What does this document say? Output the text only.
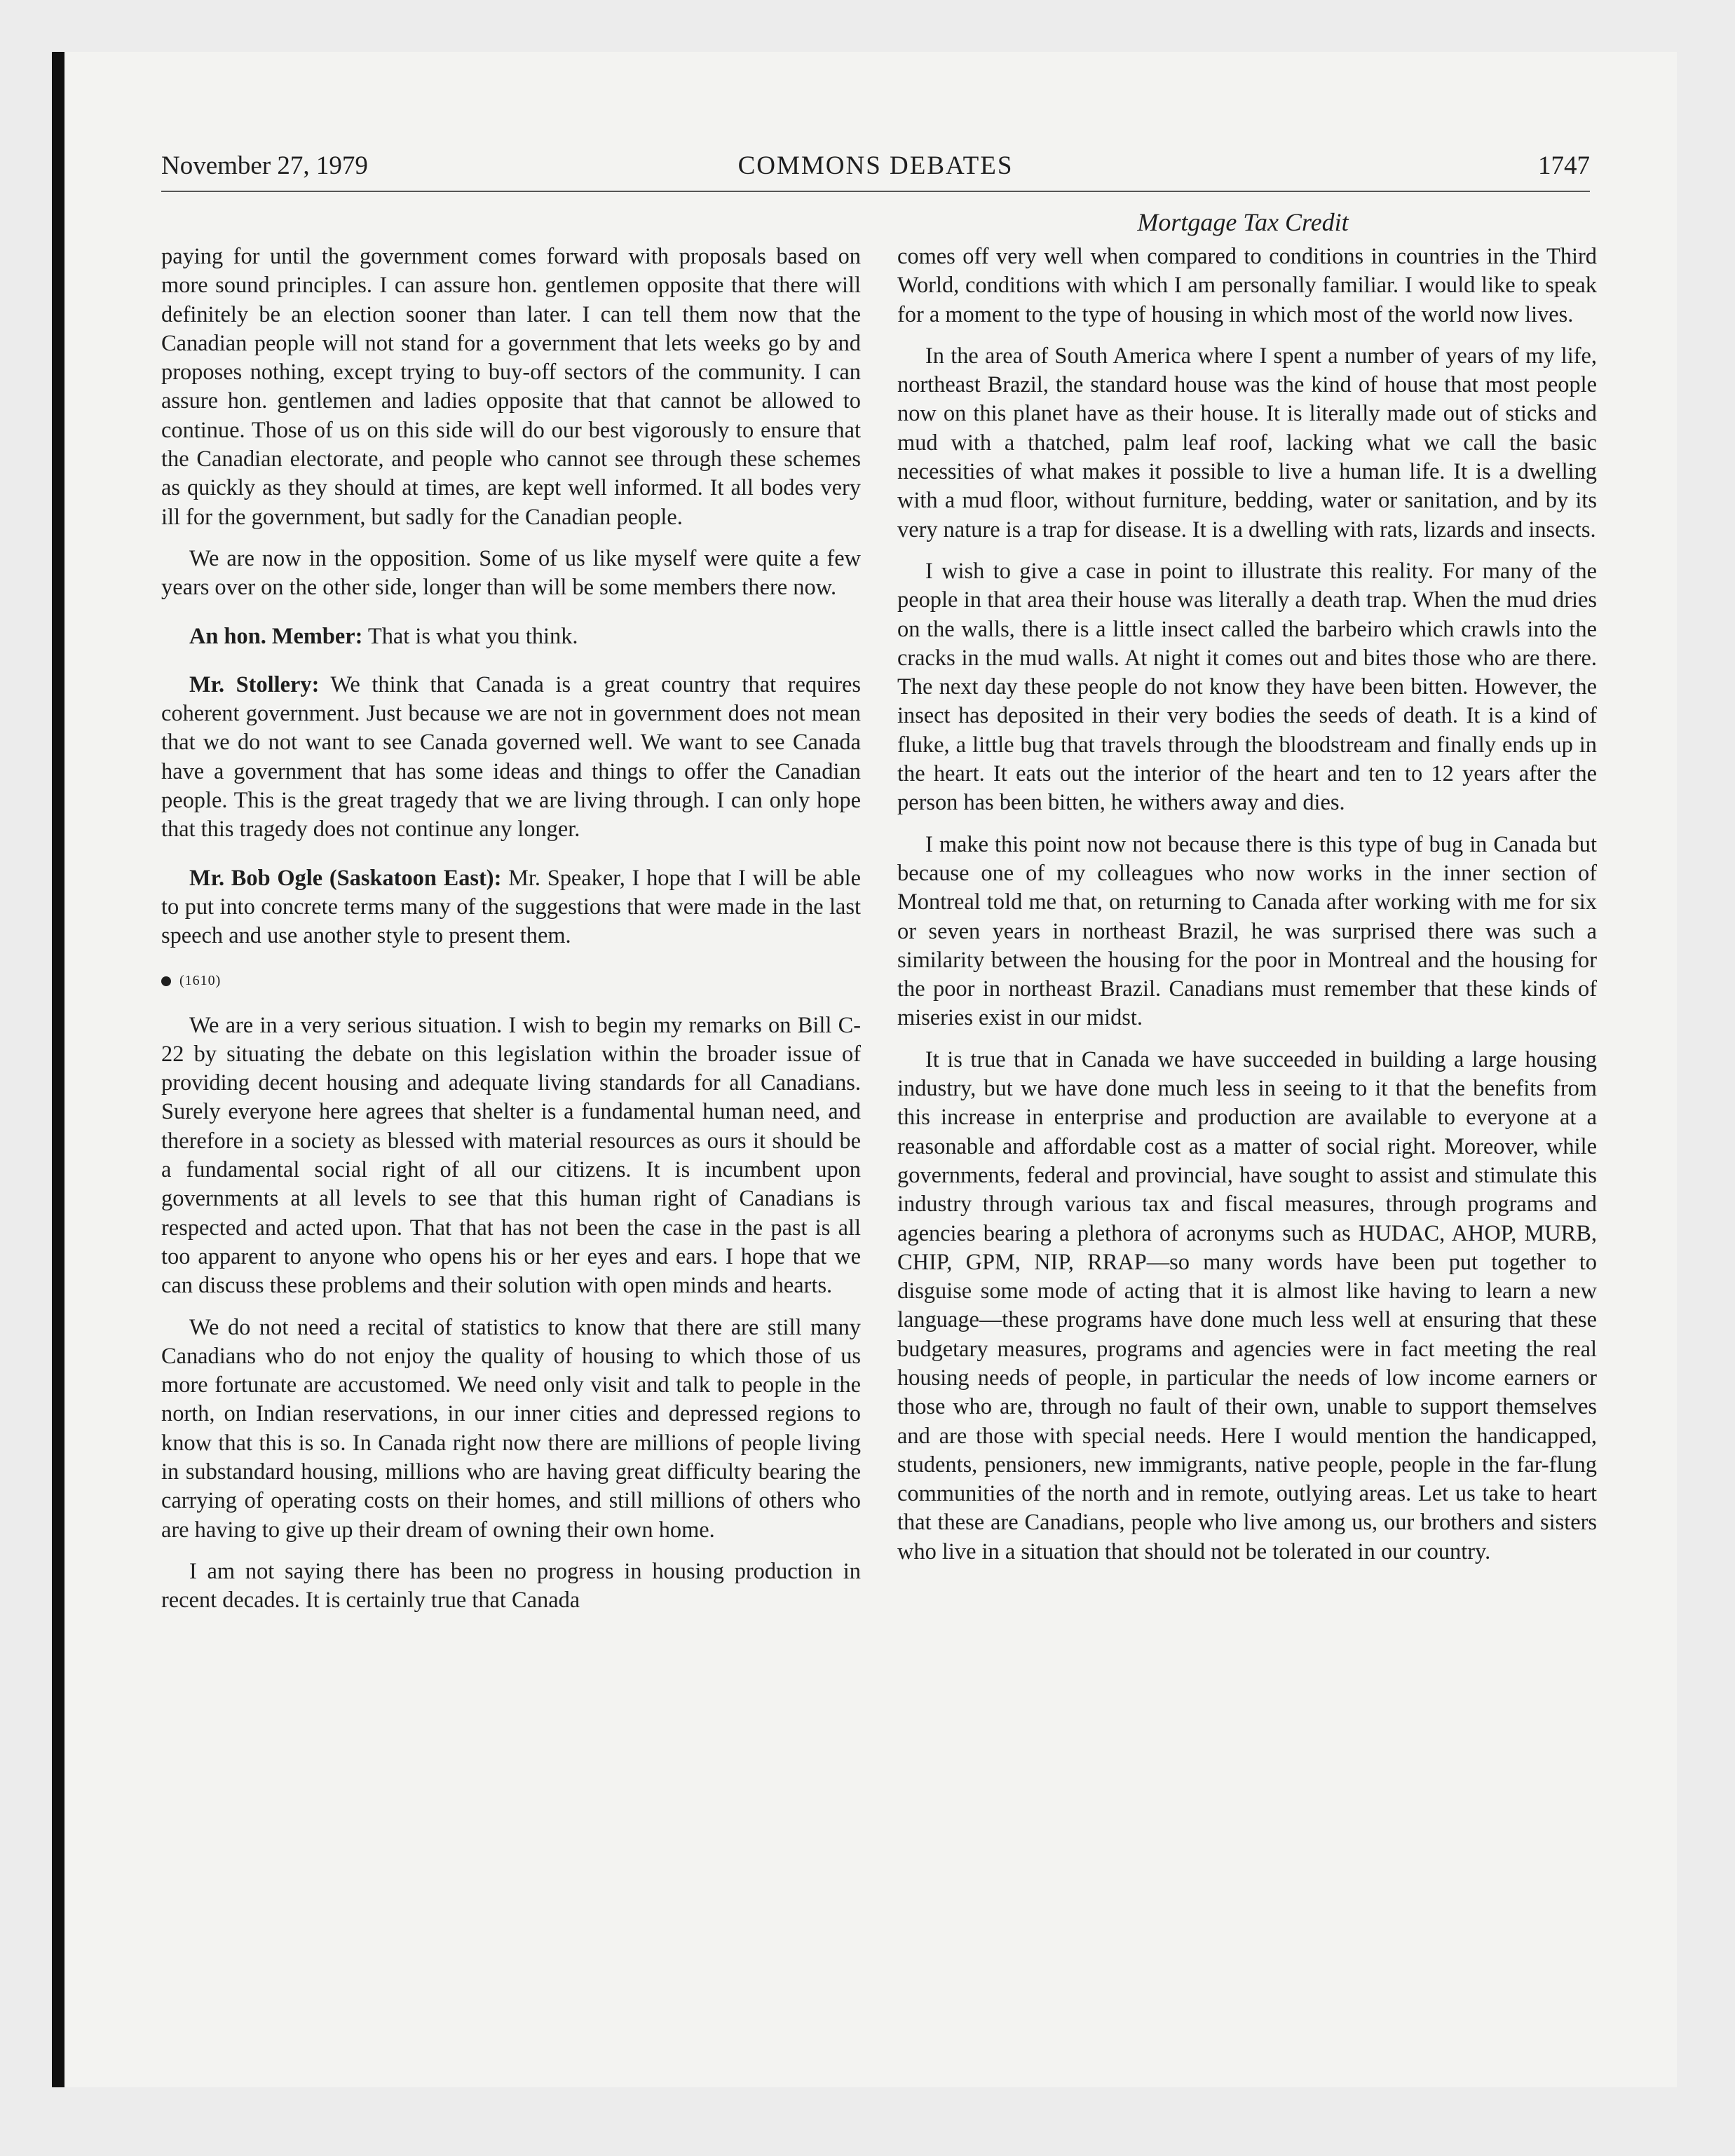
November 27, 1979	COMMONS DEBATES	1747
Mortgage Tax Credit

paying for until the government comes forward with proposals based on more sound principles. I can assure hon. gentlemen opposite that there will definitely be an election sooner than later. I can tell them now that the Canadian people will not stand for a government that lets weeks go by and proposes nothing, except trying to buy-off sectors of the community. I can assure hon. gentlemen and ladies opposite that that cannot be allowed to continue. Those of us on this side will do our best vigorously to ensure that the Canadian electorate, and people who cannot see through these schemes as quickly as they should at times, are kept well informed. It all bodes very ill for the government, but sadly for the Canadian people.

We are now in the opposition. Some of us like myself were quite a few years over on the other side, longer than will be some members there now.

An hon. Member: That is what you think.

Mr. Stollery: We think that Canada is a great country that requires coherent government. Just because we are not in government does not mean that we do not want to see Canada governed well. We want to see Canada have a government that has some ideas and things to offer the Canadian people. This is the great tragedy that we are living through. I can only hope that this tragedy does not continue any longer.

Mr. Bob Ogle (Saskatoon East): Mr. Speaker, I hope that I will be able to put into concrete terms many of the suggestions that were made in the last speech and use another style to present them.

(1610)

We are in a very serious situation. I wish to begin my remarks on Bill C-22 by situating the debate on this legislation within the broader issue of providing decent housing and adequate living standards for all Canadians. Surely everyone here agrees that shelter is a fundamental human need, and therefore in a society as blessed with material resources as ours it should be a fundamental social right of all our citizens. It is incumbent upon governments at all levels to see that this human right of Canadians is respected and acted upon. That that has not been the case in the past is all too apparent to anyone who opens his or her eyes and ears. I hope that we can discuss these problems and their solution with open minds and hearts.

We do not need a recital of statistics to know that there are still many Canadians who do not enjoy the quality of housing to which those of us more fortunate are accustomed. We need only visit and talk to people in the north, on Indian reservations, in our inner cities and depressed regions to know that this is so. In Canada right now there are millions of people living in substandard housing, millions who are having great difficulty bearing the carrying of operating costs on their homes, and still millions of others who are having to give up their dream of owning their own home.

I am not saying there has been no progress in housing production in recent decades. It is certainly true that Canada

comes off very well when compared to conditions in countries in the Third World, conditions with which I am personally familiar. I would like to speak for a moment to the type of housing in which most of the world now lives.

In the area of South America where I spent a number of years of my life, northeast Brazil, the standard house was the kind of house that most people now on this planet have as their house. It is literally made out of sticks and mud with a thatched, palm leaf roof, lacking what we call the basic necessities of what makes it possible to live a human life. It is a dwelling with a mud floor, without furniture, bedding, water or sanitation, and by its very nature is a trap for disease. It is a dwelling with rats, lizards and insects.

I wish to give a case in point to illustrate this reality. For many of the people in that area their house was literally a death trap. When the mud dries on the walls, there is a little insect called the barbeiro which crawls into the cracks in the mud walls. At night it comes out and bites those who are there. The next day these people do not know they have been bitten. However, the insect has deposited in their very bodies the seeds of death. It is a kind of fluke, a little bug that travels through the bloodstream and finally ends up in the heart. It eats out the interior of the heart and ten to 12 years after the person has been bitten, he withers away and dies.

I make this point now not because there is this type of bug in Canada but because one of my colleagues who now works in the inner section of Montreal told me that, on returning to Canada after working with me for six or seven years in northeast Brazil, he was surprised there was such a similarity between the housing for the poor in Montreal and the housing for the poor in northeast Brazil. Canadians must remember that these kinds of miseries exist in our midst.

It is true that in Canada we have succeeded in building a large housing industry, but we have done much less in seeing to it that the benefits from this increase in enterprise and production are available to everyone at a reasonable and affordable cost as a matter of social right. Moreover, while governments, federal and provincial, have sought to assist and stimulate this industry through various tax and fiscal measures, through programs and agencies bearing a plethora of acronyms such as HUDAC, AHOP, MURB, CHIP, GPM, NIP, RRAP—so many words have been put together to disguise some mode of acting that it is almost like having to learn a new language—these programs have done much less well at ensuring that these budgetary measures, programs and agencies were in fact meeting the real housing needs of people, in particular the needs of low income earners or those who are, through no fault of their own, unable to support themselves and are those with special needs. Here I would mention the handicapped, students, pensioners, new immigrants, native people, people in the far-flung communities of the north and in remote, outlying areas. Let us take to heart that these are Canadians, people who live among us, our brothers and sisters who live in a situation that should not be tolerated in our country.
